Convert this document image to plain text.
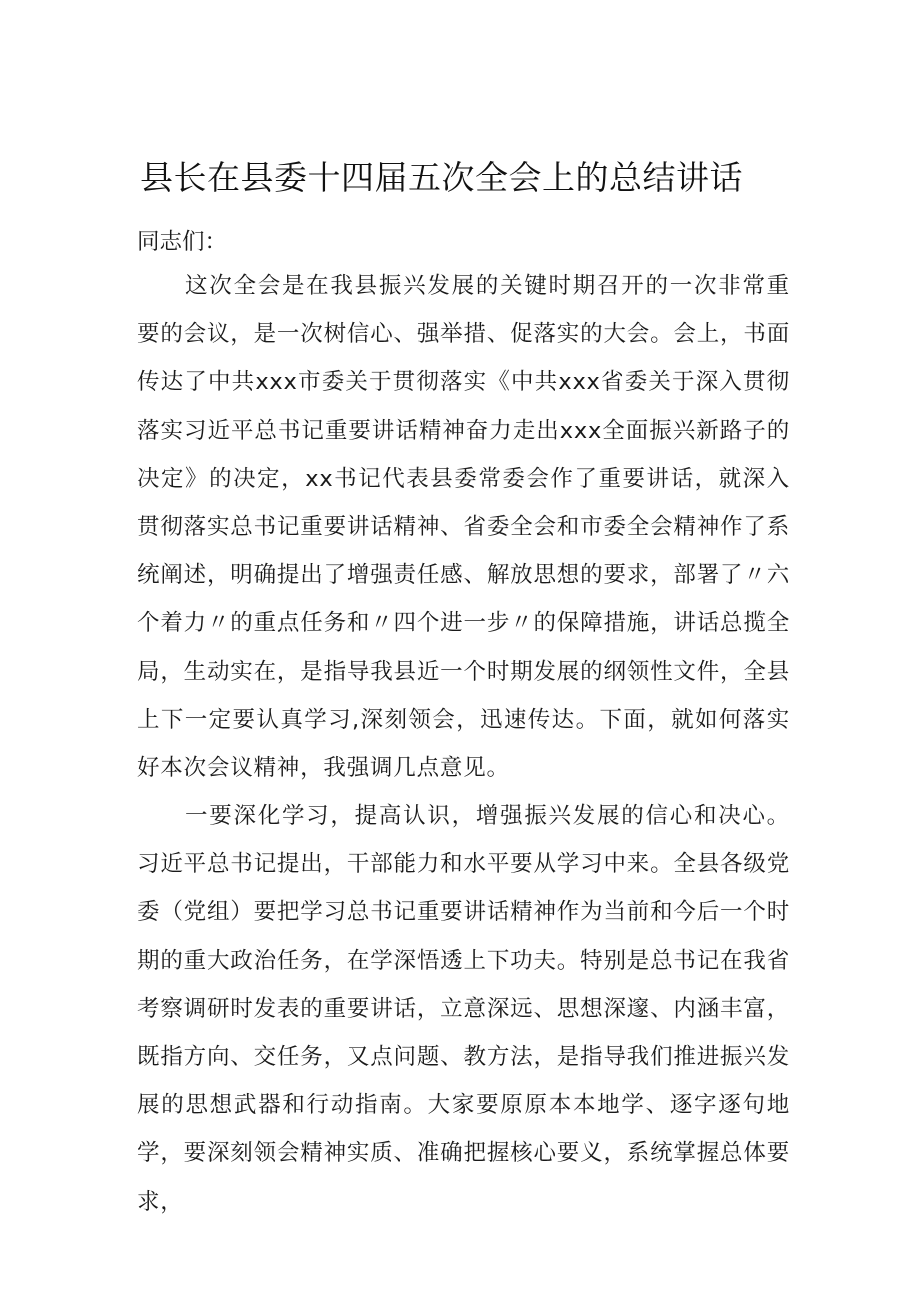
县长在县委十四届五次全会上的总结讲话
同志们：

这次全会是在我县振兴发展的关键时期召开的一次非常重要的会议，是一次树信心、强举措、促落实的大会。会上，书面传达了中共xxx市委关于贯彻落实《中共xxx省委关于深入贯彻落实习近平总书记重要讲话精神奋力走出xxx全面振兴新路子的决定》的决定，xx书记代表县委常委会作了重要讲话，就深入贯彻落实总书记重要讲话精神、省委全会和市委全会精神作了系统阐述，明确提出了增强责任感、解放思想的要求，部署了〃六个着力〃的重点任务和〃四个进一步〃的保障措施，讲话总揽全局，生动实在，是指导我县近一个时期发展的纲领性文件，全县上下一定要认真学习,深刻领会，迅速传达。下面，就如何落实好本次会议精神，我强调几点意见。

一要深化学习，提高认识，增强振兴发展的信心和决心。习近平总书记提出，干部能力和水平要从学习中来。全县各级党委（党组）要把学习总书记重要讲话精神作为当前和今后一个时期的重大政治任务，在学深悟透上下功夫。特别是总书记在我省考察调研时发表的重要讲话，立意深远、思想深邃、内涵丰富，既指方向、交任务，又点问题、教方法，是指导我们推进振兴发展的思想武器和行动指南。大家要原原本本地学、逐字逐句地学，要深刻领会精神实质、准确把握核心要义，系统掌握总体要求，
